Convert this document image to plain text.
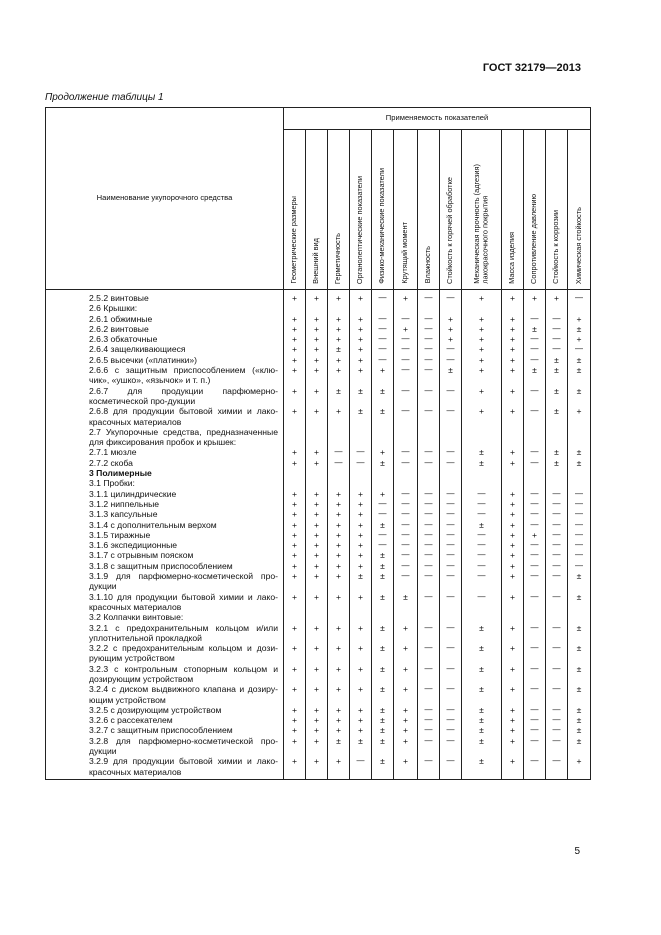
ГОСТ 32179—2013
Продолжение таблицы 1
Наименование укупорочного средства	Применяемость показателей												
	Геометрические размеры	Внешний вид	Герметичность	Органолептические показатели	Физико-механические показатели	Крутящий момент	Влажность	Стойкость к горячей обработке	Механическая прочность (адгезия)
лакокрасочного покрытия	Масса изделия	Сопротивление давлению	Стойкость к коррозии	Химическая стойкость
2.5.2 винтовые	+	+	+	+	—	+	—	—	+	+	+	+	—
2.6 Крышки:													
2.6.1 обжимные	+	+	+	+	—	—	—	+	+	+	—	—	+
2.6.2 винтовые	+	+	+	+	—	+	—	+	+	+	±	—	±
2.6.3 обкаточные	+	+	+	+	—	—	—	+	+	+	—	—	+
2.6.4 защелкивающиеся	+	+	±	+	—	—	—	—	+	+	—	—	—
2.6.5 высечки («платинки»)	+	+	+	+	—	—	—	—	+	+	—	±	±
2.6.6 с защитным приспособлением («клю-чик», «ушко», «язычок» и т. п.)	+	+	+	+	+	—	—	±	+	+	±	±	±
2.6.7 для продукции парфюмерно-косметической про-дукции	+	+	±	±	±	—	—	—	+	+	—	±	±
2.6.8 для продукции бытовой химии и лако-красочных материалов	+	+	+	±	±	—	—	—	+	+	—	±	+
2.7 Укупорочные средства, предназначенные для фиксирования пробок и крышек:													
2.7.1 мюзле	+	+	—	—	+	—	—	—	±	+	—	±	±
2.7.2 скоба	+	+	—	—	±	—	—	—	±	+	—	±	±
3 Полимерные													
3.1 Пробки:													
3.1.1 цилиндрические	+	+	+	+	+	—	—	—	—	+	—	—	—
3.1.2 ниппельные	+	+	+	+	—	—	—	—	—	+	—	—	—
3.1.3 капсульные	+	+	+	+	—	—	—	—	—	+	—	—	—
3.1.4 с дополнительным верхом	+	+	+	+	±	—	—	—	±	+	—	—	—
3.1.5 тиражные	+	+	+	+	—	—	—	—	—	+	+	—	—
3.1.6 экспедиционные	+	+	+	+	—	—	—	—	—	+	—	—	—
3.1.7 с отрывным пояском	+	+	+	+	±	—	—	—	—	+	—	—	—
3.1.8 с защитным приспособлением	+	+	+	+	±	—	—	—	—	+	—	—	—
3.1.9 для парфюмерно-косметической про-дукции	+	+	+	±	±	—	—	—	—	+	—	—	±
3.1.10 для продукции бытовой химии и лако-красочных материалов	+	+	+	+	±	±	—	—	—	+	—	—	±
3.2 Колпачки винтовые:													
3.2.1 с предохранительным кольцом и/или уплотнительной прокладкой	+	+	+	+	±	+	—	—	±	+	—	—	±
3.2.2 с предохранительным кольцом и дози-рующим устройством	+	+	+	+	±	+	—	—	±	+	—	—	±
3.2.3 с контрольным стопорным кольцом и дозирующим устройством	+	+	+	+	±	+	—	—	±	+	—	—	±
3.2.4 с диском выдвижного клапана и дозиру-ющим устройством	+	+	+	+	±	+	—	—	±	+	—	—	±
3.2.5 с дозирующим устройством	+	+	+	+	±	+	—	—	±	+	—	—	±
3.2.6 с рассекателем	+	+	+	+	±	+	—	—	±	+	—	—	±
3.2.7 с защитным приспособлением	+	+	+	+	±	+	—	—	±	+	—	—	±
3.2.8 для парфюмерно-косметической про-дукции	+	+	±	±	±	+	—	—	±	+	—	—	±
3.2.9 для продукции бытовой химии и лако-красочных материалов	+	+	+	—	±	+	—	—	±	+	—	—	+
5
